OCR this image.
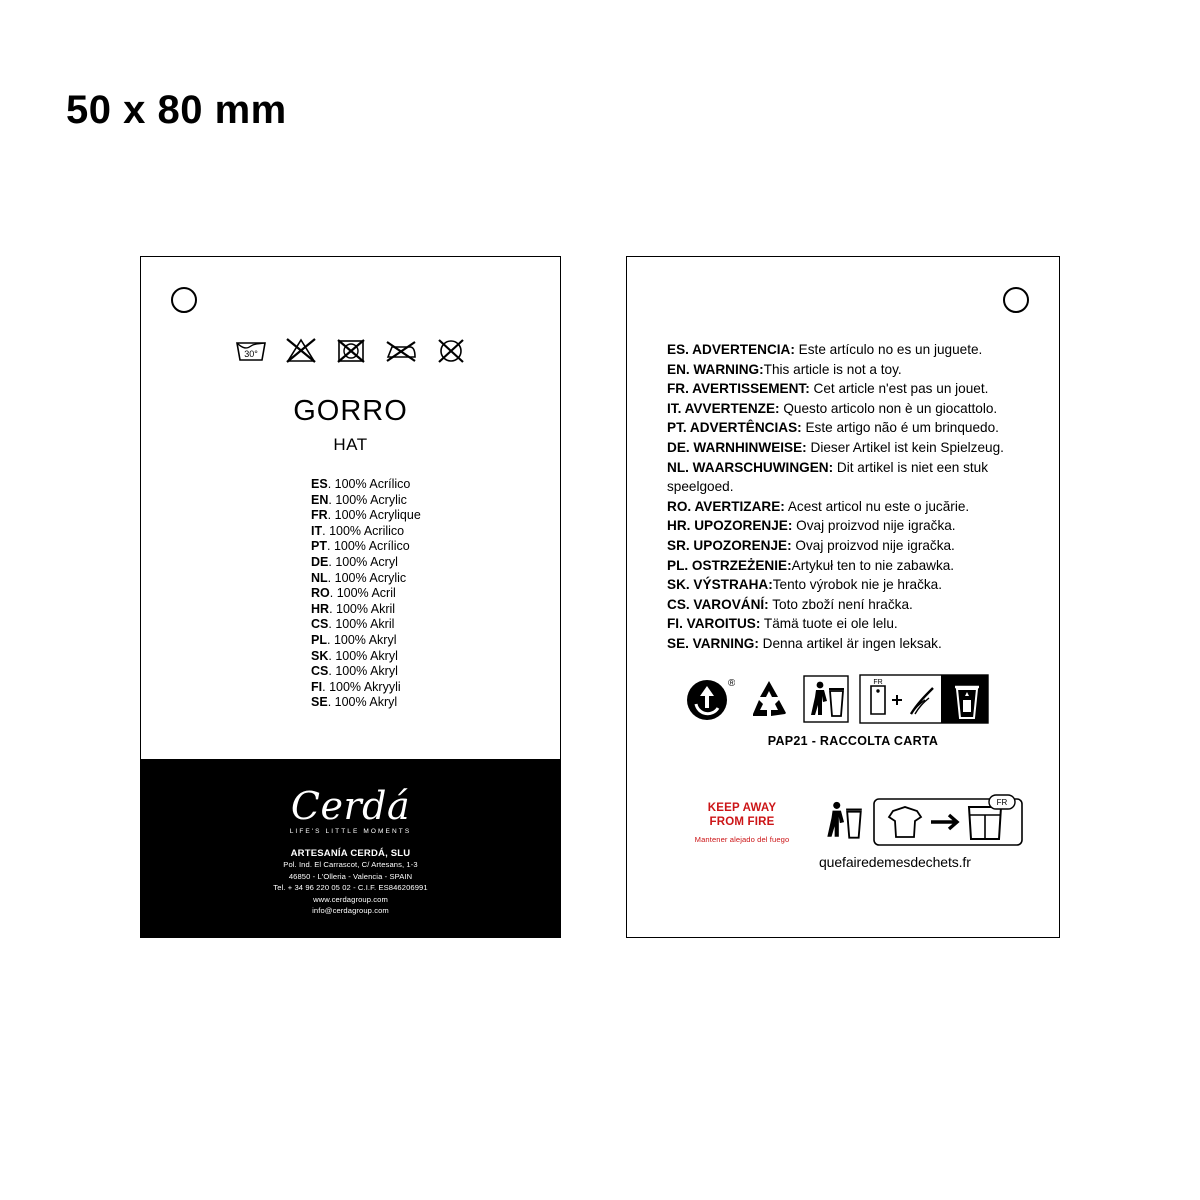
50 x 80 mm
30°
GORRO
HAT
ES. 100% Acrílico
EN. 100% Acrylic
FR. 100% Acrylique
IT. 100% Acrilico
PT. 100% Acrílico
DE. 100% Acryl
NL. 100% Acrylic
RO. 100% Acril
HR. 100% Akril
CS. 100% Akril
PL. 100% Akryl
SK. 100% Akryl
CS. 100% Akryl
FI. 100% Akryyli
SE. 100% Akryl
Cerdá
LIFE'S LITTLE MOMENTS
ARTESANÍA CERDÁ, SLU
Pol. Ind. El Carrascot, C/ Artesans, 1-3
46850 - L'Olleria - Valencia - SPAIN
Tel. + 34 96 220 05 02 - C.I.F. ES846206991
www.cerdagroup.com
info@cerdagroup.com
ES. ADVERTENCIA: Este artículo no es un juguete.
EN. WARNING:This article is not a toy.
FR. AVERTISSEMENT: Cet article n'est pas un jouet.
IT. AVVERTENZE: Questo articolo non è un giocattolo.
PT. ADVERTÊNCIAS: Este artigo não é um brinquedo.
DE. WARNHINWEISE: Dieser Artikel ist kein Spielzeug.
NL. WAARSCHUWINGEN: Dit artikel is niet een stuk speelgoed.
RO. AVERTIZARE: Acest articol nu este o jucărie.
HR. UPOZORENJE: Ovaj proizvod nije igračka.
SR. UPOZORENJE: Ovaj proizvod nije igračka.
PL. OSTRZEŻENIE:Artykuł ten to nie zabawka.
SK. VÝSTRAHA:Tento výrobok nie je hračka.
CS. VAROVÁNÍ: Toto zboží není hračka.
FI. VAROITUS: Tämä tuote ei ole lelu.
SE. VARNING: Denna artikel är ingen leksak.
®	FR
PAP21 - RACCOLTA CARTA
KEEP AWAY
FROM FIRE
Mantener alejado del fuego
FR
quefairedemesdechets.fr
